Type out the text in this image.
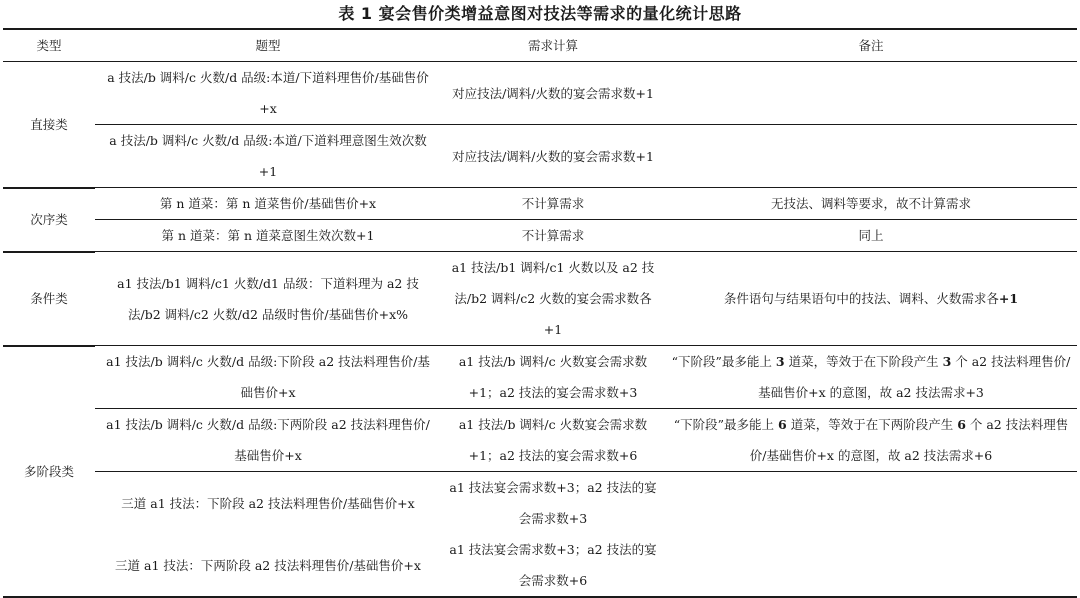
表 1 宴会售价类增益意图对技法等需求的量化统计思路
类型	题型	需求计算	备注
直接类	a 技法/b 调料/c 火数/d 品级:本道/下道料理售价/基础售价+x	对应技法/调料/火数的宴会需求数+1	
	a 技法/b 调料/c 火数/d 品级:本道/下道料理意图生效次数+1	对应技法/调料/火数的宴会需求数+1	
次序类	第 n 道菜：第 n 道菜售价/基础售价+x	不计算需求	无技法、调料等要求，故不计算需求
	第 n 道菜：第 n 道菜意图生效次数+1	不计算需求	同上
条件类	a1 技法/b1 调料/c1 火数/d1 品级：下道料理为 a2 技法/b2 调料/c2 火数/d2 品级时售价/基础售价+x%	a1 技法/b1 调料/c1 火数以及 a2 技法/b2 调料/c2 火数的宴会需求数各+1	条件语句与结果语句中的技法、调料、火数需求各+1
多阶段类	a1 技法/b 调料/c 火数/d 品级:下阶段 a2 技法料理售价/基础售价+x	a1 技法/b 调料/c 火数宴会需求数+1；a2 技法的宴会需求数+3	“下阶段”最多能上 3 道菜，等效于在下阶段产生 3 个 a2 技法料理售价/基础售价+x 的意图，故 a2 技法需求+3
	a1 技法/b 调料/c 火数/d 品级:下两阶段 a2 技法料理售价/基础售价+x	a1 技法/b 调料/c 火数宴会需求数+1；a2 技法的宴会需求数+6	“下阶段”最多能上 6 道菜，等效于在下两阶段产生 6 个 a2 技法料理售价/基础售价+x 的意图，故 a2 技法需求+6
	三道 a1 技法：下阶段 a2 技法料理售价/基础售价+x	a1 技法宴会需求数+3；a2 技法的宴会需求数+3	
	三道 a1 技法：下两阶段 a2 技法料理售价/基础售价+x	a1 技法宴会需求数+3；a2 技法的宴会需求数+6	
